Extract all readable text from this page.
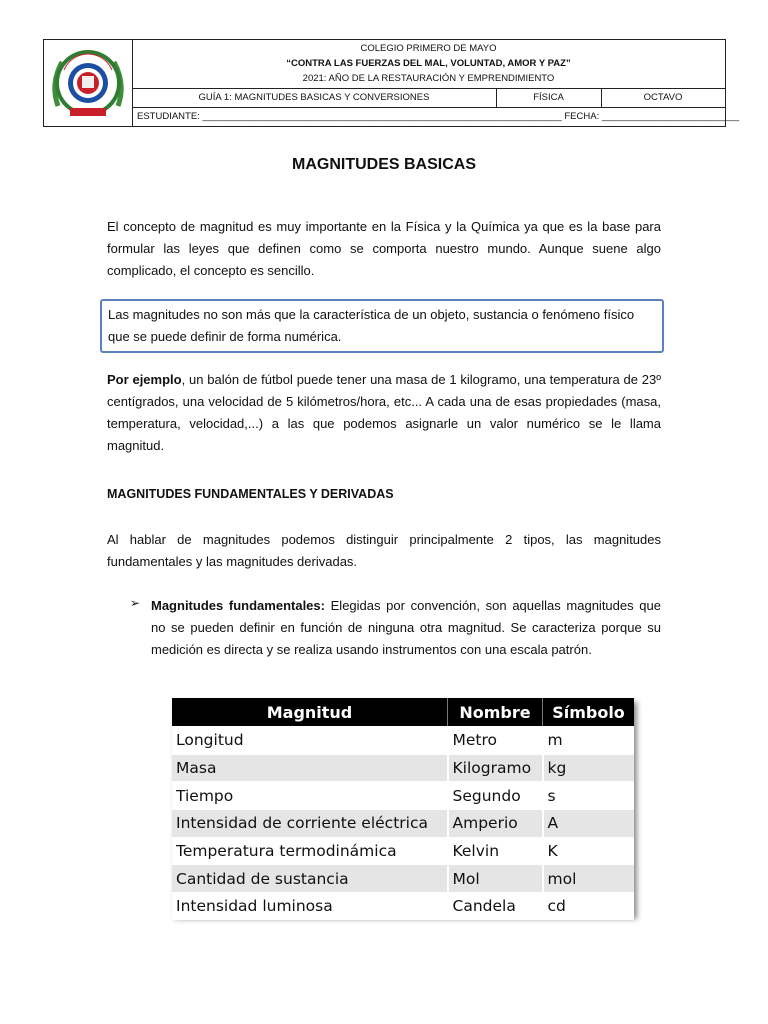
COLEGIO PRIMERO DE MAYO
“CONTRA LAS FUERZAS DEL MAL, VOLUNTAD, AMOR Y PAZ”
2021: AÑO DE LA RESTAURACIÓN Y EMPRENDIMIENTO
GUÍA 1: MAGNITUDES BASICAS Y CONVERSIONES	FÍSICA	OCTAVO
ESTUDIANTE: ____________________________________________________________________ FECHA: __________________________
MAGNITUDES BASICAS
El concepto de magnitud es muy importante en la Física y la Química ya que es la base para formular las leyes que definen como se comporta nuestro mundo. Aunque suene algo complicado, el concepto es sencillo.
Las magnitudes no son más que la característica de un objeto, sustancia o fenómeno físico que se puede definir de forma numérica.
Por ejemplo, un balón de fútbol puede tener una masa de 1 kilogramo, una temperatura de 23º centígrados, una velocidad de 5 kilómetros/hora, etc... A cada una de esas propiedades (masa, temperatura, velocidad,...) a las que podemos asignarle un valor numérico se le llama magnitud.
MAGNITUDES FUNDAMENTALES Y DERIVADAS
Al hablar de magnitudes podemos distinguir principalmente 2 tipos, las magnitudes fundamentales y las magnitudes derivadas.
➢ Magnitudes fundamentales: Elegidas por convención, son aquellas magnitudes que no se pueden definir en función de ninguna otra magnitud. Se caracteriza porque su medición es directa y se realiza usando instrumentos con una escala patrón.
Magnitud	Nombre	Símbolo
Longitud	Metro	m
Masa	Kilogramo	kg
Tiempo	Segundo	s
Intensidad de corriente eléctrica	Amperio	A
Temperatura termodinámica	Kelvin	K
Cantidad de sustancia	Mol	mol
Intensidad luminosa	Candela	cd
